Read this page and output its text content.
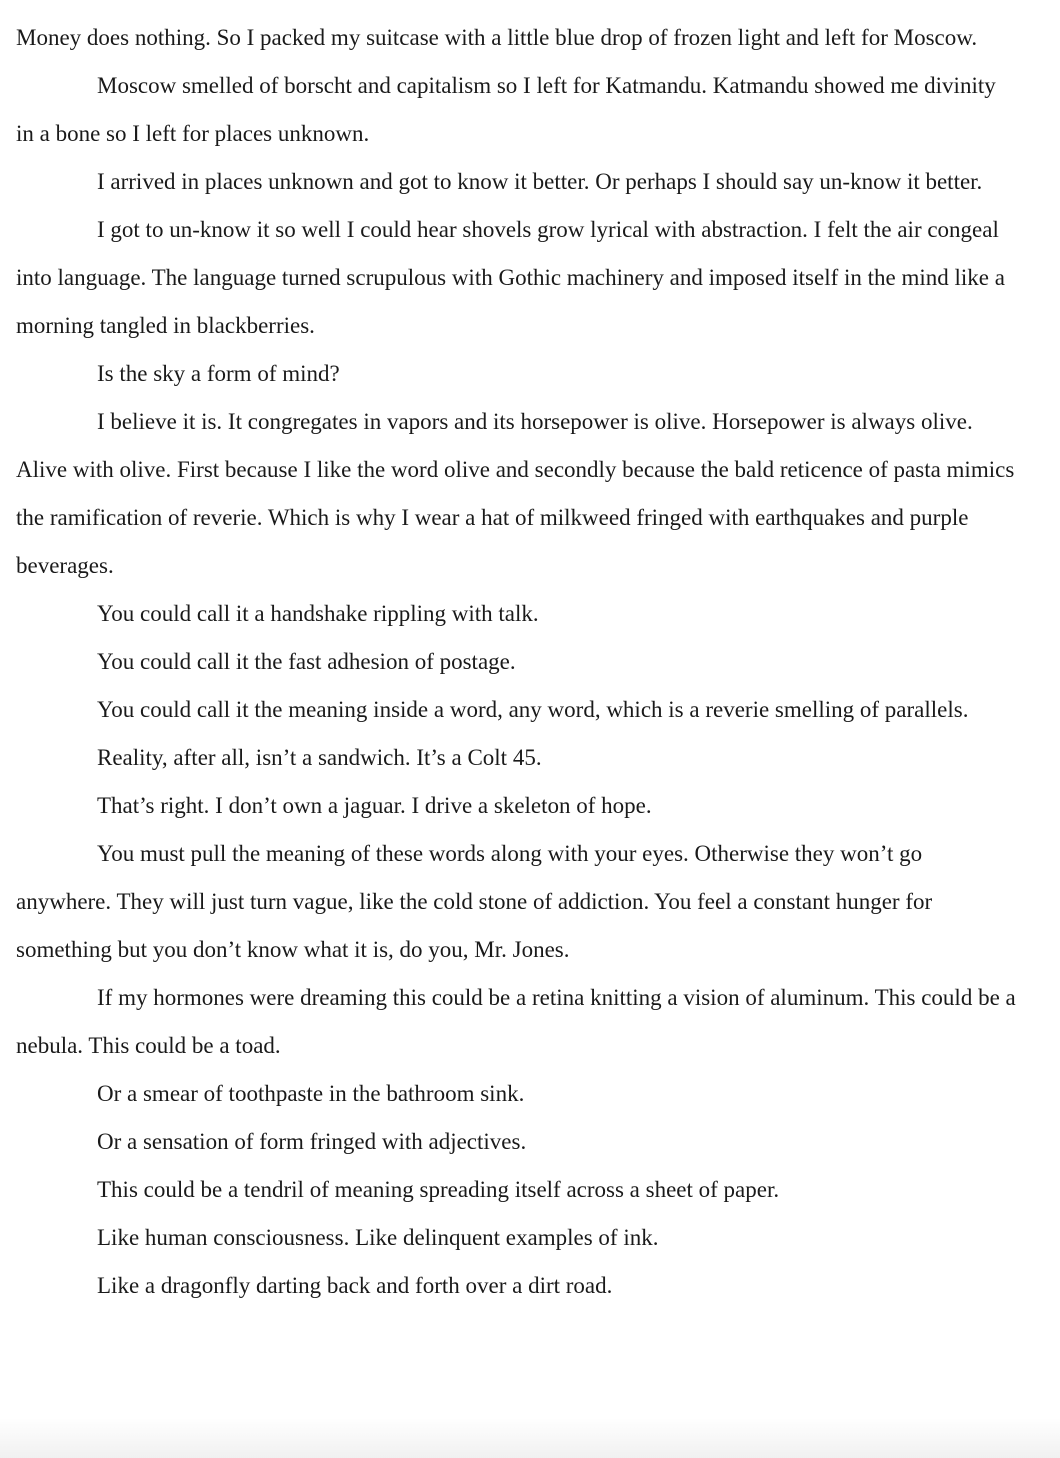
Money does nothing. So I packed my suitcase with a little blue drop of frozen light and left for Moscow.

Moscow smelled of borscht and capitalism so I left for Katmandu. Katmandu showed me divinity in a bone so I left for places unknown.

I arrived in places unknown and got to know it better. Or perhaps I should say un-know it better.

I got to un-know it so well I could hear shovels grow lyrical with abstraction. I felt the air congeal into language. The language turned scrupulous with Gothic machinery and imposed itself in the mind like a morning tangled in blackberries.

Is the sky a form of mind?

I believe it is. It congregates in vapors and its horsepower is olive. Horsepower is always olive. Alive with olive. First because I like the word olive and secondly because the bald reticence of pasta mimics the ramification of reverie. Which is why I wear a hat of milkweed fringed with earthquakes and purple beverages.

You could call it a handshake rippling with talk.

You could call it the fast adhesion of postage.

You could call it the meaning inside a word, any word, which is a reverie smelling of parallels.

Reality, after all, isn’t a sandwich. It’s a Colt 45.

That’s right. I don’t own a jaguar. I drive a skeleton of hope.

You must pull the meaning of these words along with your eyes. Otherwise they won’t go anywhere. They will just turn vague, like the cold stone of addiction. You feel a constant hunger for something but you don’t know what it is, do you, Mr. Jones.

If my hormones were dreaming this could be a retina knitting a vision of aluminum. This could be a nebula. This could be a toad.

Or a smear of toothpaste in the bathroom sink.

Or a sensation of form fringed with adjectives.

This could be a tendril of meaning spreading itself across a sheet of paper.

Like human consciousness. Like delinquent examples of ink.

Like a dragonfly darting back and forth over a dirt road.
